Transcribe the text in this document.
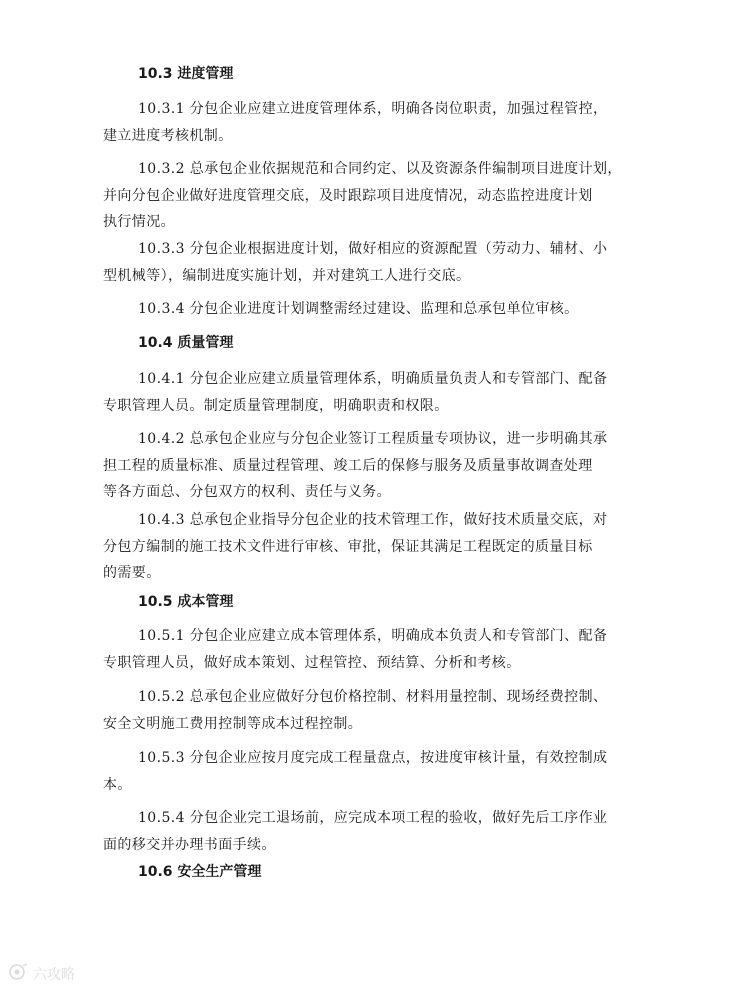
10.3 进度管理
10.3.1 分包企业应建立进度管理体系，明确各岗位职责，加强过程管控，
建立进度考核机制。
10.3.2 总承包企业依据规范和合同约定、以及资源条件编制项目进度计划，
并向分包企业做好进度管理交底，及时跟踪项目进度情况，动态监控进度计划
执行情况。
10.3.3 分包企业根据进度计划，做好相应的资源配置（劳动力、辅材、小
型机械等），编制进度实施计划，并对建筑工人进行交底。
10.3.4 分包企业进度计划调整需经过建设、监理和总承包单位审核。
10.4 质量管理
10.4.1 分包企业应建立质量管理体系，明确质量负责人和专管部门、配备
专职管理人员。制定质量管理制度，明确职责和权限。
10.4.2 总承包企业应与分包企业签订工程质量专项协议，进一步明确其承
担工程的质量标准、质量过程管理、竣工后的保修与服务及质量事故调查处理
等各方面总、分包双方的权利、责任与义务。
10.4.3 总承包企业指导分包企业的技术管理工作，做好技术质量交底，对
分包方编制的施工技术文件进行审核、审批，保证其满足工程既定的质量目标
的需要。
10.5 成本管理
10.5.1 分包企业应建立成本管理体系，明确成本负责人和专管部门、配备
专职管理人员，做好成本策划、过程管控、预结算、分析和考核。
10.5.2 总承包企业应做好分包价格控制、材料用量控制、现场经费控制、
安全文明施工费用控制等成本过程控制。
10.5.3 分包企业应按月度完成工程量盘点，按进度审核计量，有效控制成
本。
10.5.4 分包企业完工退场前，应完成本项工程的验收，做好先后工序作业
面的移交并办理书面手续。
10.6 安全生产管理
六攻略
